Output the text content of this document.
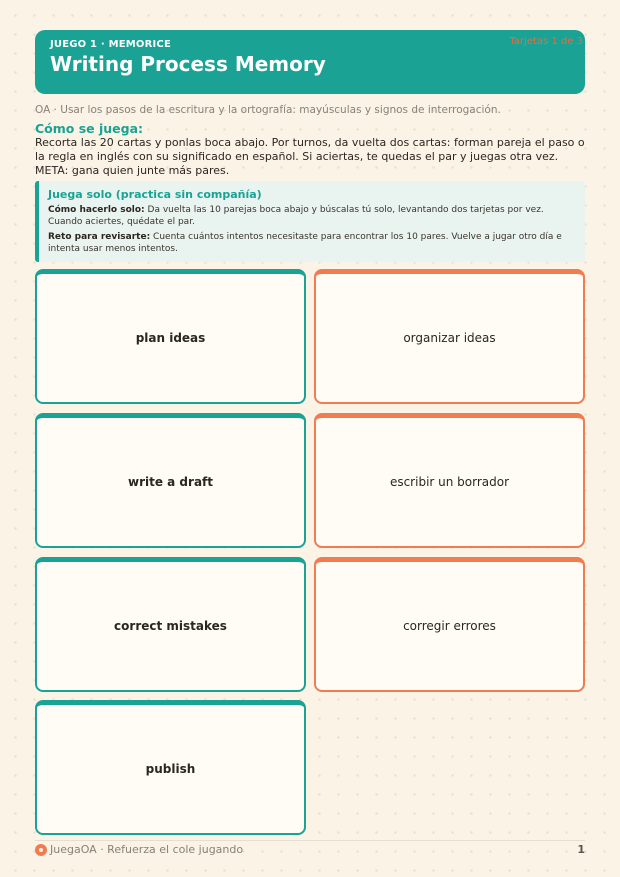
JUEGO 1 · MEMORICE
Writing Process Memory
Tarjetas 1 de 3
OA · Usar los pasos de la escritura y la ortografía: mayúsculas y signos de interrogación.
Cómo se juega:
Recorta las 20 cartas y ponlas boca abajo. Por turnos, da vuelta dos cartas: forman pareja el paso o la regla en inglés con su significado en español. Si aciertas, te quedas el par y juegas otra vez. META: gana quien junte más pares.
Juega solo (practica sin compañía)

Cómo hacerlo solo: Da vuelta las 10 parejas boca abajo y búscalas tú solo, levantando dos tarjetas por vez. Cuando aciertes, quédate el par.

Reto para revisarte: Cuenta cuántos intentos necesitaste para encontrar los 10 pares. Vuelve a jugar otro día e intenta usar menos intentos.

plan ideas	organizar ideas
write a draft	escribir un borrador
correct mistakes	corregir errores
publish
JuegaOA · Refuerza el cole jugando	1
